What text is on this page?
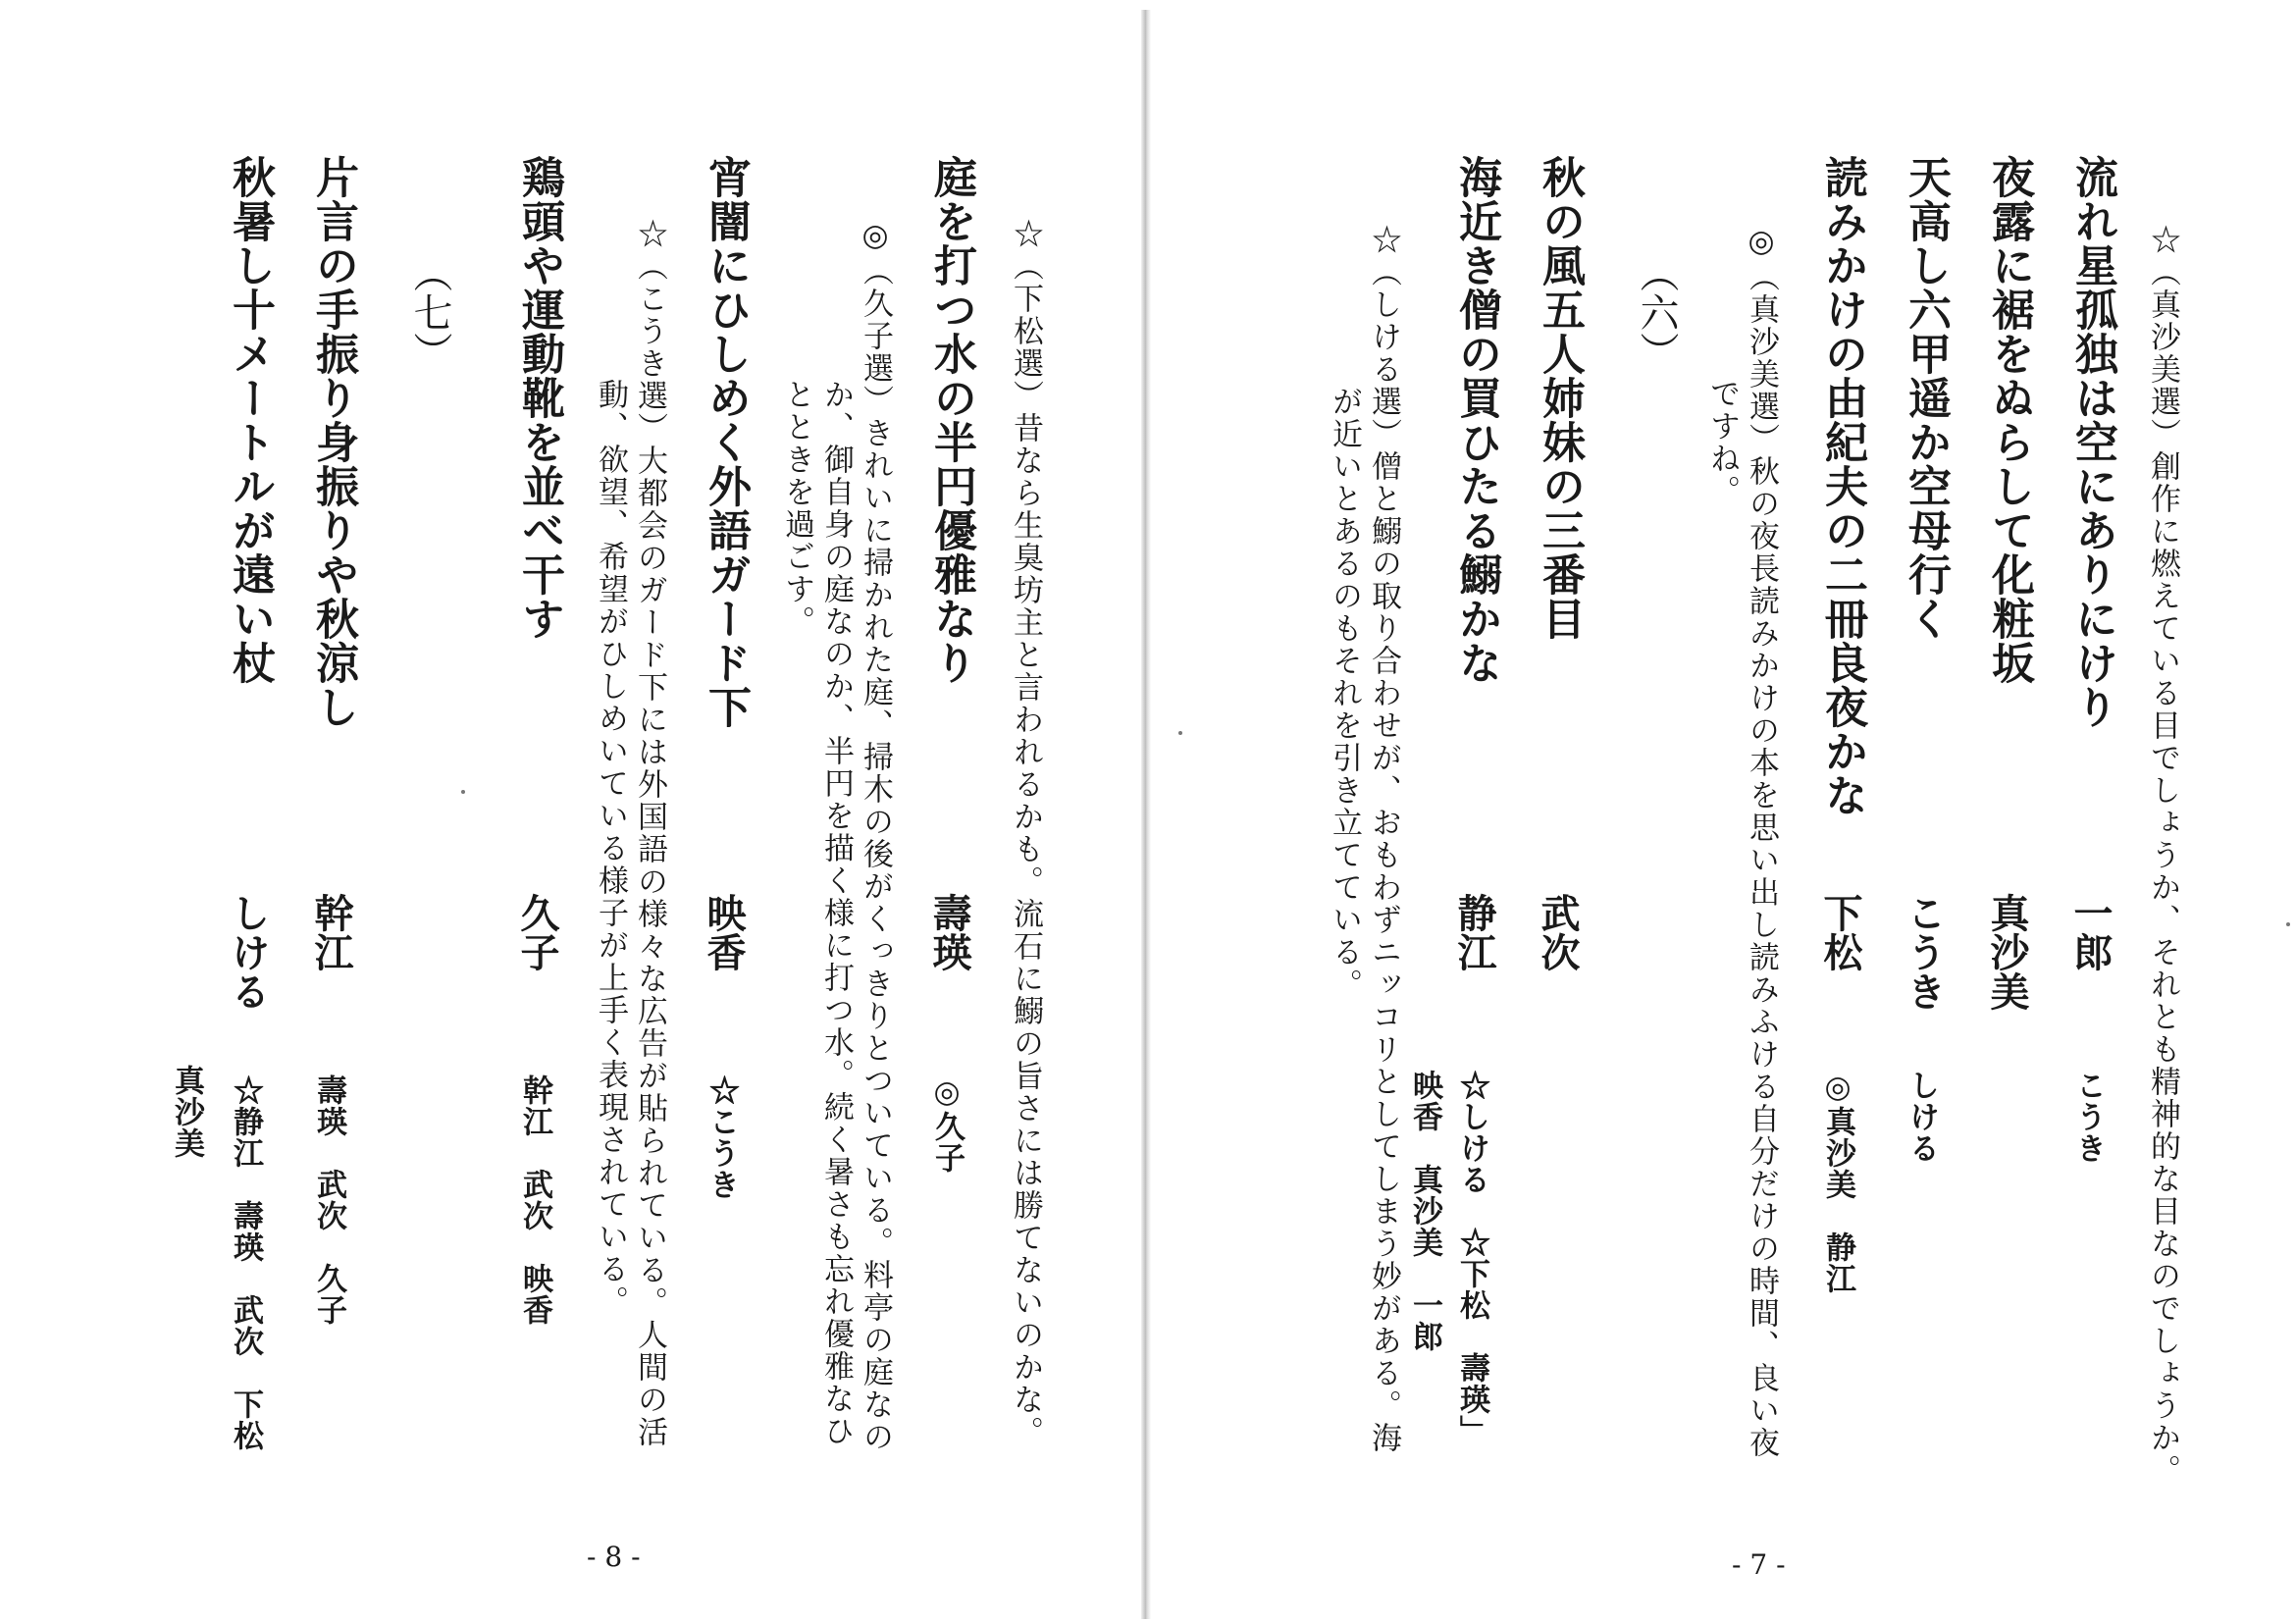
☆（真沙美選）創作に燃えている目でしょうか、それとも精神的な目なのでしょうか。
流れ星孤独は空にありにけり
一郎
こうき
夜露に裾をぬらして化粧坂
真沙美
天高し六甲遥か空母行く
こうき
しける
読みかけの由紀夫の二冊良夜かな
下松
◎真沙美　静江
◎（真沙美選）秋の夜長読みかけの本を思い出し読みふける自分だけの時間、良い夜
ですね。
（六）
秋の風五人姉妹の三番目
武次
海近き僧の買ひたる鰯かな
静江
☆しける　☆下松　壽瑛」
映香　真沙美　一郎
☆（しける選）僧と鰯の取り合わせが、おもわずニッコリとしてしまう妙がある。海
が近いとあるのもそれを引き立てている。
- 7 -
☆（下松選）昔なら生臭坊主と言われるかも。流石に鰯の旨さには勝てないのかな。
庭を打つ水の半円優雅なり
壽瑛
◎久子
◎（久子選）きれいに掃かれた庭、掃木の後がくっきりとついている。料亭の庭なの
か、御自身の庭なのか、半円を描く様に打つ水。続く暑さも忘れ優雅なひ
とときを過ごす。
宵闇にひしめく外語ガード下
映香
☆こうき
☆（こうき選）大都会のガード下には外国語の様々な広告が貼られている。人間の活
動、欲望、希望がひしめいている様子が上手く表現されている。
鶏頭や運動靴を並べ干す
久子
幹江　武次　映香
（七）
片言の手振り身振りや秋涼し
幹江
壽瑛　武次　久子
秋暑し十メートルが遠い杖
しける
☆静江　壽瑛　武次　下松
真沙美
- 8 -
